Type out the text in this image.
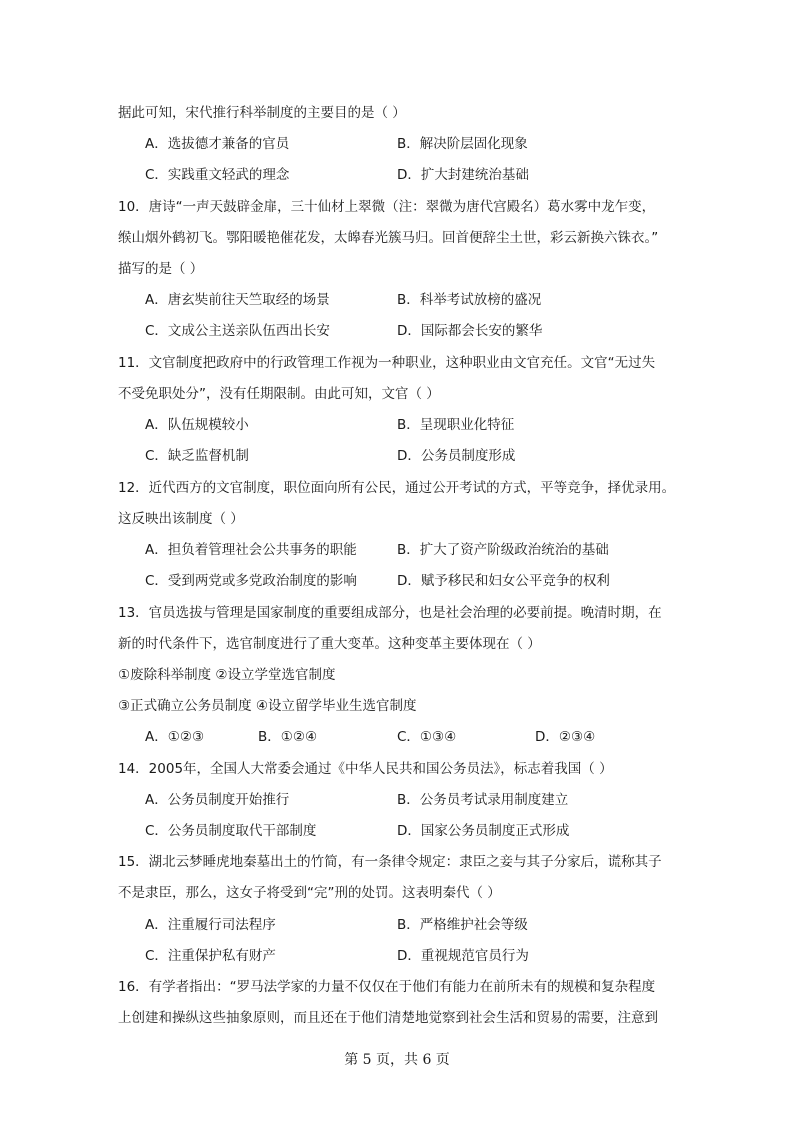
据此可知，宋代推行科举制度的主要目的是（ ）
A．选拔德才兼备的官员	B．解决阶层固化现象
C．实践重文轻武的理念	D．扩大封建统治基础
10．唐诗“一声天鼓辟金扉，三十仙材上翠微（注：翠微为唐代宫殿名）葛水雾中龙乍变，
缑山烟外鹤初飞。鄂阳暖艳催花发，太皞春光簇马归。回首便辞尘土世，彩云新换六铢衣。”
描写的是（ ）
A．唐玄奘前往天竺取经的场景	B．科举考试放榜的盛况
C．文成公主送亲队伍西出长安	D．国际都会长安的繁华
11．文官制度把政府中的行政管理工作视为一种职业，这种职业由文官充任。文官“无过失
不受免职处分”，没有任期限制。由此可知，文官（ ）
A．队伍规模较小	B．呈现职业化特征
C．缺乏监督机制	D．公务员制度形成
12．近代西方的文官制度，职位面向所有公民，通过公开考试的方式，平等竞争，择优录用。
这反映出该制度（ ）
A．担负着管理社会公共事务的职能	B．扩大了资产阶级政治统治的基础
C．受到两党或多党政治制度的影响	D．赋予移民和妇女公平竞争的权利
13．官员选拔与管理是国家制度的重要组成部分，也是社会治理的必要前提。晚清时期，在
新的时代条件下，选官制度进行了重大变革。这种变革主要体现在（ ）
①废除科举制度 ②设立学堂选官制度
③正式确立公务员制度 ④设立留学毕业生选官制度
A．①②③	B．①②④	C．①③④	D．②③④
14．2005年，全国人大常委会通过《中华人民共和国公务员法》，标志着我国（ ）
A．公务员制度开始推行	B．公务员考试录用制度建立
C．公务员制度取代干部制度	D．国家公务员制度正式形成
15．湖北云梦睡虎地秦墓出土的竹简，有一条律令规定：隶臣之妾与其子分家后，谎称其子
不是隶臣，那么，这女子将受到“完”刑的处罚。这表明秦代（ ）
A．注重履行司法程序	B．严格维护社会等级
C．注重保护私有财产	D．重视规范官员行为
16．有学者指出：“罗马法学家的力量不仅仅在于他们有能力在前所未有的规模和复杂程度
上创建和操纵这些抽象原则，而且还在于他们清楚地觉察到社会生活和贸易的需要，注意到
第 5 页，共 6 页
